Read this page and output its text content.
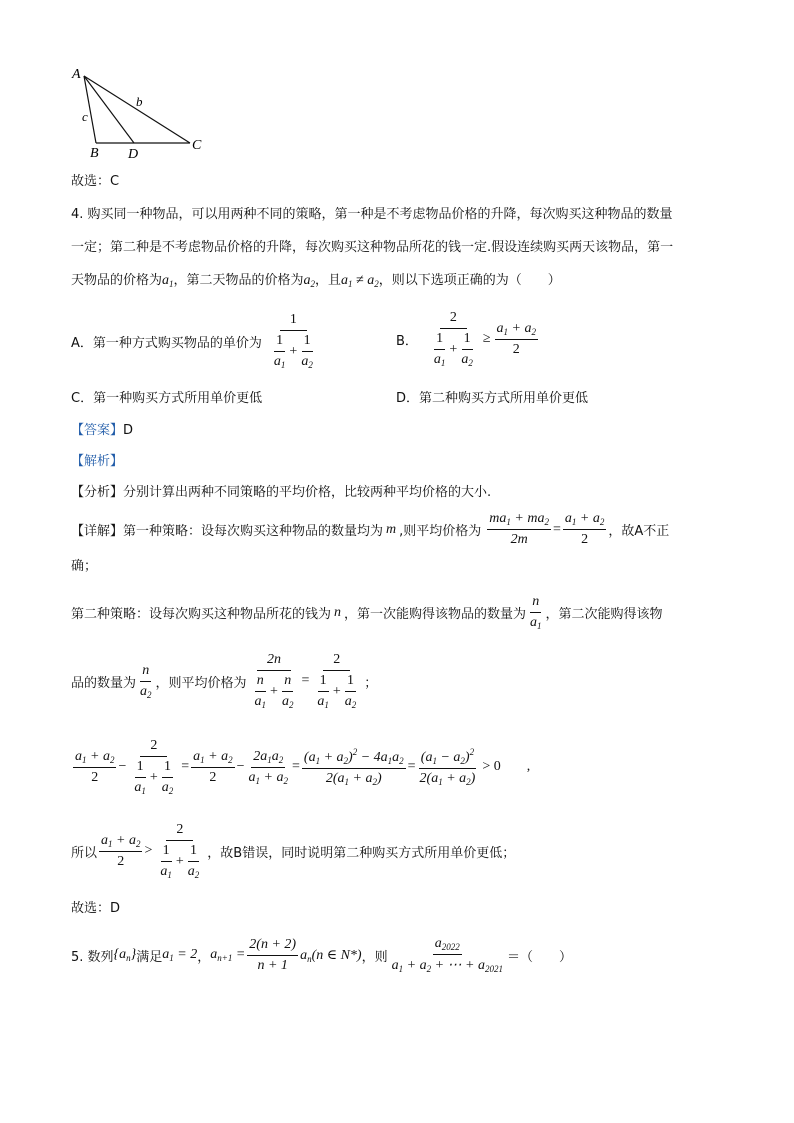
A
B D
C
b
c
故选：C
4. 购买同一种物品，可以用两种不同的策略，第一种是不考虑物品价格的升降，每次购买这种物品的数量
一定；第二种是不考虑物品价格的升降，每次购买这种物品所花的钱一定.假设连续购买两天该物品，第一
天物品的价格为$a_1$，第二天物品的价格为$a_2$，且$a_1 \ne a_2$，则以下选项正确的为（　　）
A．第一种方式购买物品的单价为 $\frac{1}{\frac{1}{a_1} + \frac{1}{a_2}}$	B． $\frac{2}{\frac{1}{a_1} + \frac{1}{a_2}} \ge \frac{a_1 + a_2}{2}$
C．第一种购买方式所用单价更低	D．第二种购买方式所用单价更低
【答案】D
【解析】
【分析】分别计算出两种不同策略的平均价格，比较两种平均价格的大小.
【详解】 第一种策略：设每次购买这种物品的数量均为 m ,则平均价格为 $\frac{ma_1 + ma_2}{2m} = \frac{a_1 + a_2}{2}$ ，故A不正
确；
第二种策略：设每次购买这种物品所花的钱为 n ，第一次能购得该物品的数量为 $\frac{n}{a_1}$ ，第二次能购得该物
品的数量为 $\frac{n}{a_2}$ ，则平均价格为 $\frac{2n}{\frac{n}{a_1} + \frac{n}{a_2}} = \frac{2}{\frac{1}{a_1} + \frac{1}{a_2}}$ ；
$\frac{a_1 + a_2}{2} - \frac{2}{\frac{1}{a_1} + \frac{1}{a_2}} = \frac{a_1 + a_2}{2} - \frac{2a_1a_2}{a_1 + a_2} = \frac{(a_1 + a_2)^2 - 4a_1a_2}{2(a_1 + a_2)} = \frac{(a_1 - a_2)^2}{2(a_1 + a_2)} > 0$ ,
所以 $\frac{a_1 + a_2}{2} > \frac{2}{\frac{1}{a_1} + \frac{1}{a_2}}$ ，故B错误，同时说明第二种购买方式所用单价更低；
故选：D
5. 数列 $\{a_n\}$ 满足 $a_1 = 2$ ， $a_{n+1} = \frac{2(n + 2)}{n + 1} a_n(n$ ∈ N*) ，则 $\frac{a_{2022}}{a_1 + a_2 + \cdots + a_{2021}}$ ＝（　　）
